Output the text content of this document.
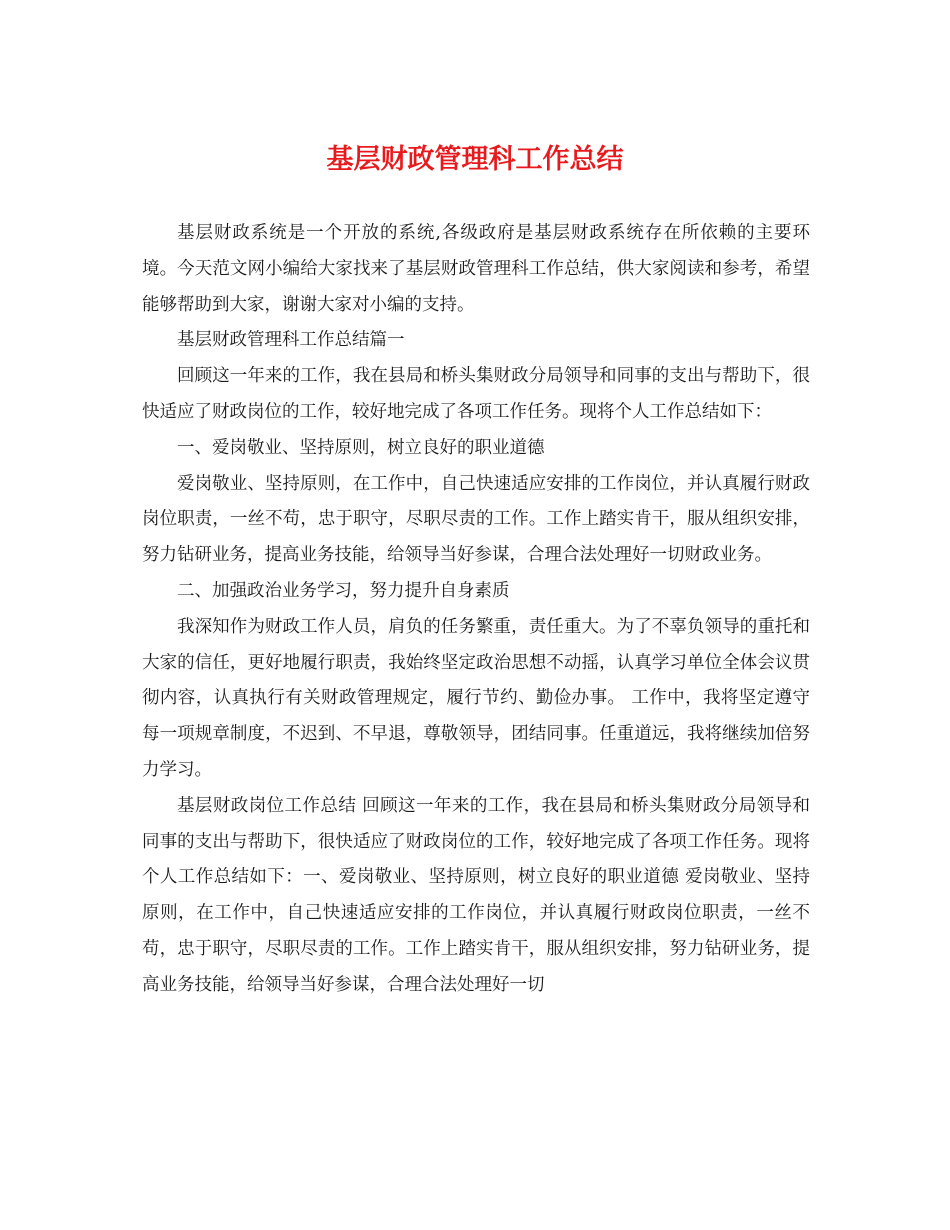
基层财政管理科工作总结

基层财政系统是一个开放的系统,各级政府是基层财政系统存在所依赖的主要环境。今天范文网小编给大家找来了基层财政管理科工作总结，供大家阅读和参考，希望能够帮助到大家，谢谢大家对小编的支持。

基层财政管理科工作总结篇一

回顾这一年来的工作，我在县局和桥头集财政分局领导和同事的支出与帮助下，很快适应了财政岗位的工作，较好地完成了各项工作任务。现将个人工作总结如下：

一、爱岗敬业、坚持原则，树立良好的职业道德

爱岗敬业、坚持原则，在工作中，自己快速适应安排的工作岗位，并认真履行财政岗位职责，一丝不苟，忠于职守，尽职尽责的工作。工作上踏实肯干，服从组织安排，努力钻研业务，提高业务技能，给领导当好参谋，合理合法处理好一切财政业务。

二、加强政治业务学习，努力提升自身素质

我深知作为财政工作人员，肩负的任务繁重，责任重大。为了不辜负领导的重托和大家的信任，更好地履行职责，我始终坚定政治思想不动摇，认真学习单位全体会议贯彻内容，认真执行有关财政管理规定，履行节约、勤俭办事。 工作中，我将坚定遵守每一项规章制度，不迟到、不早退，尊敬领导，团结同事。任重道远，我将继续加倍努力学习。

基层财政岗位工作总结 回顾这一年来的工作，我在县局和桥头集财政分局领导和同事的支出与帮助下，很快适应了财政岗位的工作，较好地完成了各项工作任务。现将个人工作总结如下：一、爱岗敬业、坚持原则，树立良好的职业道德 爱岗敬业、坚持原则，在工作中，自己快速适应安排的工作岗位，并认真履行财政岗位职责，一丝不苟，忠于职守，尽职尽责的工作。工作上踏实肯干，服从组织安排，努力钻研业务，提高业务技能，给领导当好参谋，合理合法处理好一切
